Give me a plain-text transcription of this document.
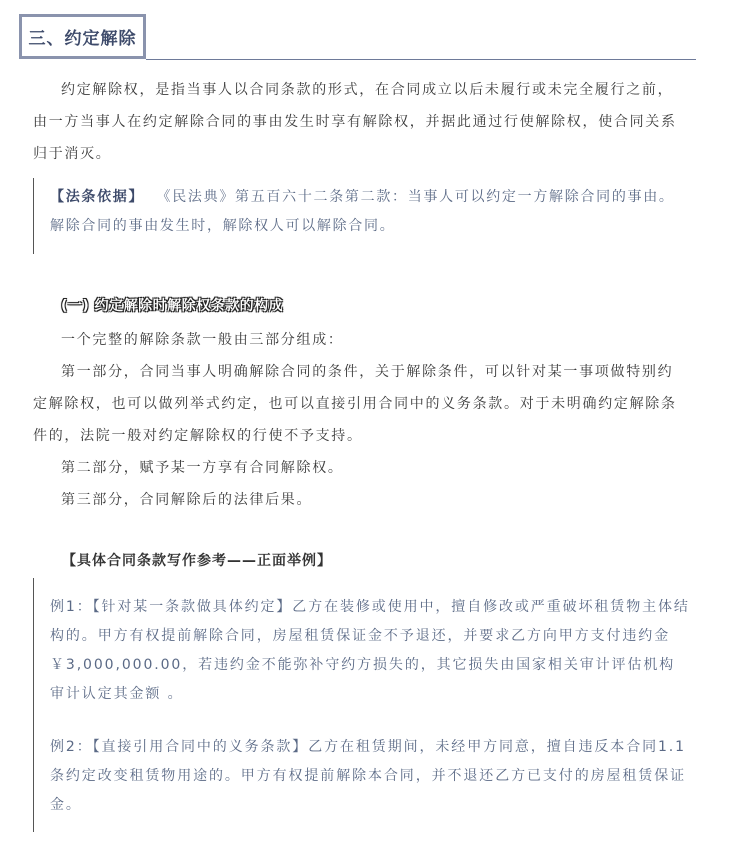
三、约定解除

约定解除权，是指当事人以合同条款的形式，在合同成立以后未履行或未完全履行之前，由一方当事人在约定解除合同的事由发生时享有解除权，并据此通过行使解除权，使合同关系归于消灭。

【法条依据】 《民法典》第五百六十二条第二款：当事人可以约定一方解除合同的事由。解除合同的事由发生时，解除权人可以解除合同。

(一) 约定解除时解除权条款的构成

一个完整的解除条款一般由三部分组成：

第一部分，合同当事人明确解除合同的条件，关于解除条件，可以针对某一事项做特别约定解除权，也可以做列举式约定，也可以直接引用合同中的义务条款。对于未明确约定解除条件的，法院一般对约定解除权的行使不予支持。

第二部分，赋予某一方享有合同解除权。

第三部分，合同解除后的法律后果。

【具体合同条款写作参考——正面举例】

例1：【针对某一条款做具体约定】乙方在装修或使用中，擅自修改或严重破坏租赁物主体结构的。甲方有权提前解除合同，房屋租赁保证金不予退还，并要求乙方向甲方支付违约金￥3,000,000.00，若违约金不能弥补守约方损失的，其它损失由国家相关审计评估机构审计认定其金额 。

例2：【直接引用合同中的义务条款】乙方在租赁期间，未经甲方同意，擅自违反本合同1.1条约定改变租赁物用途的。甲方有权提前解除本合同，并不退还乙方已支付的房屋租赁保证金。
